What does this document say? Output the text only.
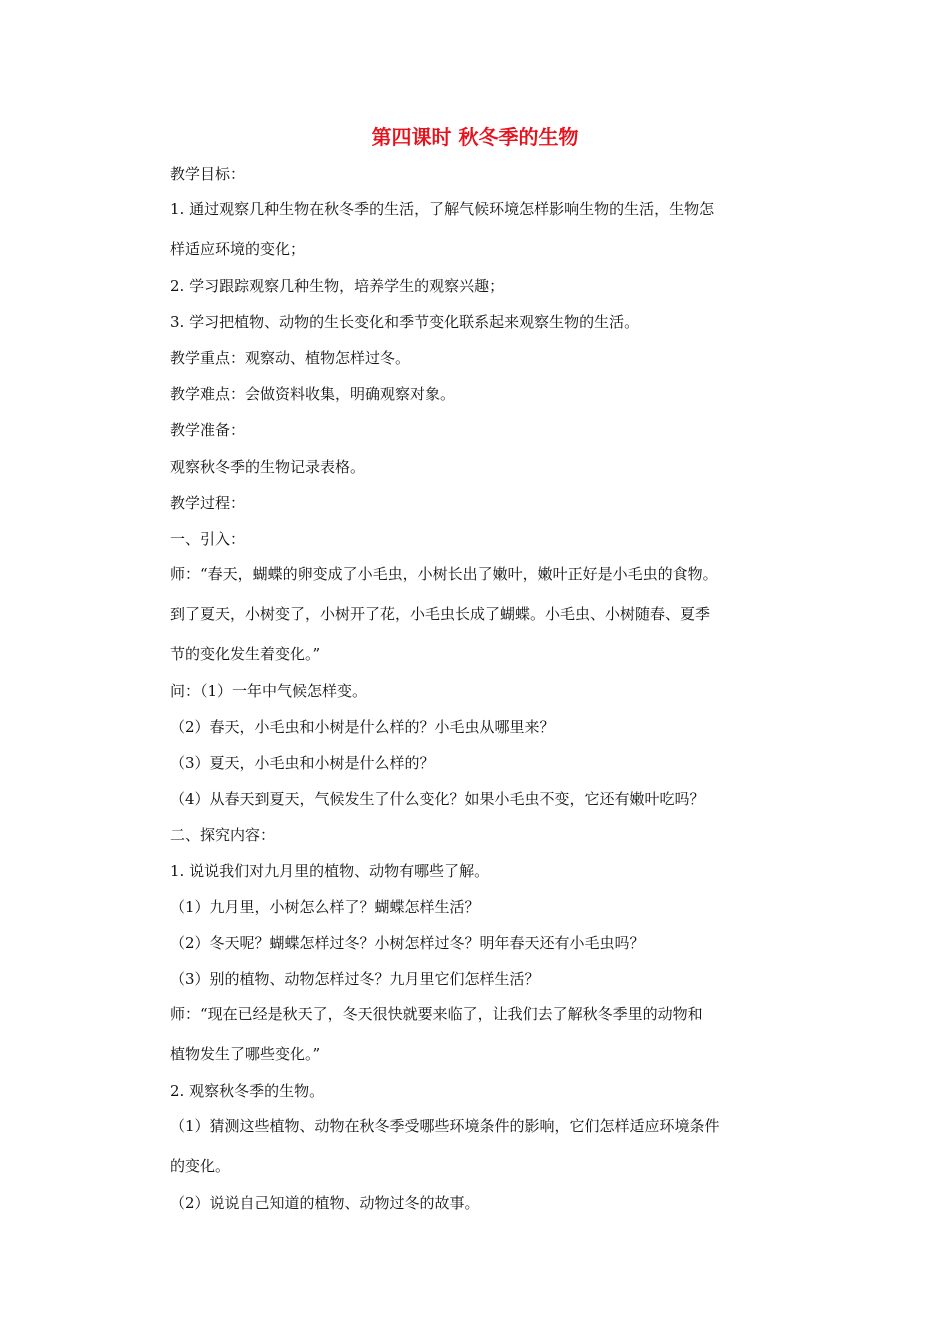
第四课时 秋冬季的生物
教学目标：
1. 通过观察几种生物在秋冬季的生活，了解气候环境怎样影响生物的生活，生物怎
样适应环境的变化；
2. 学习跟踪观察几种生物，培养学生的观察兴趣；
3. 学习把植物、动物的生长变化和季节变化联系起来观察生物的生活。
教学重点：观察动、植物怎样过冬。
教学难点：会做资料收集，明确观察对象。
教学准备：
观察秋冬季的生物记录表格。
教学过程：
一、引入：
师：“春天，蝴蝶的卵变成了小毛虫，小树长出了嫩叶，嫩叶正好是小毛虫的食物。
到了夏天，小树变了，小树开了花，小毛虫长成了蝴蝶。小毛虫、小树随春、夏季
节的变化发生着变化。”
问：（1）一年中气候怎样变。
（2）春天，小毛虫和小树是什么样的？小毛虫从哪里来？
（3）夏天，小毛虫和小树是什么样的？
（4）从春天到夏天，气候发生了什么变化？如果小毛虫不变，它还有嫩叶吃吗？
二、探究内容：
1. 说说我们对九月里的植物、动物有哪些了解。
（1）九月里，小树怎么样了？蝴蝶怎样生活？
（2）冬天呢？蝴蝶怎样过冬？小树怎样过冬？明年春天还有小毛虫吗？
（3）别的植物、动物怎样过冬？九月里它们怎样生活？
师：“现在已经是秋天了，冬天很快就要来临了，让我们去了解秋冬季里的动物和
植物发生了哪些变化。”
2. 观察秋冬季的生物。
（1）猜测这些植物、动物在秋冬季受哪些环境条件的影响，它们怎样适应环境条件
的变化。
（2）说说自己知道的植物、动物过冬的故事。
